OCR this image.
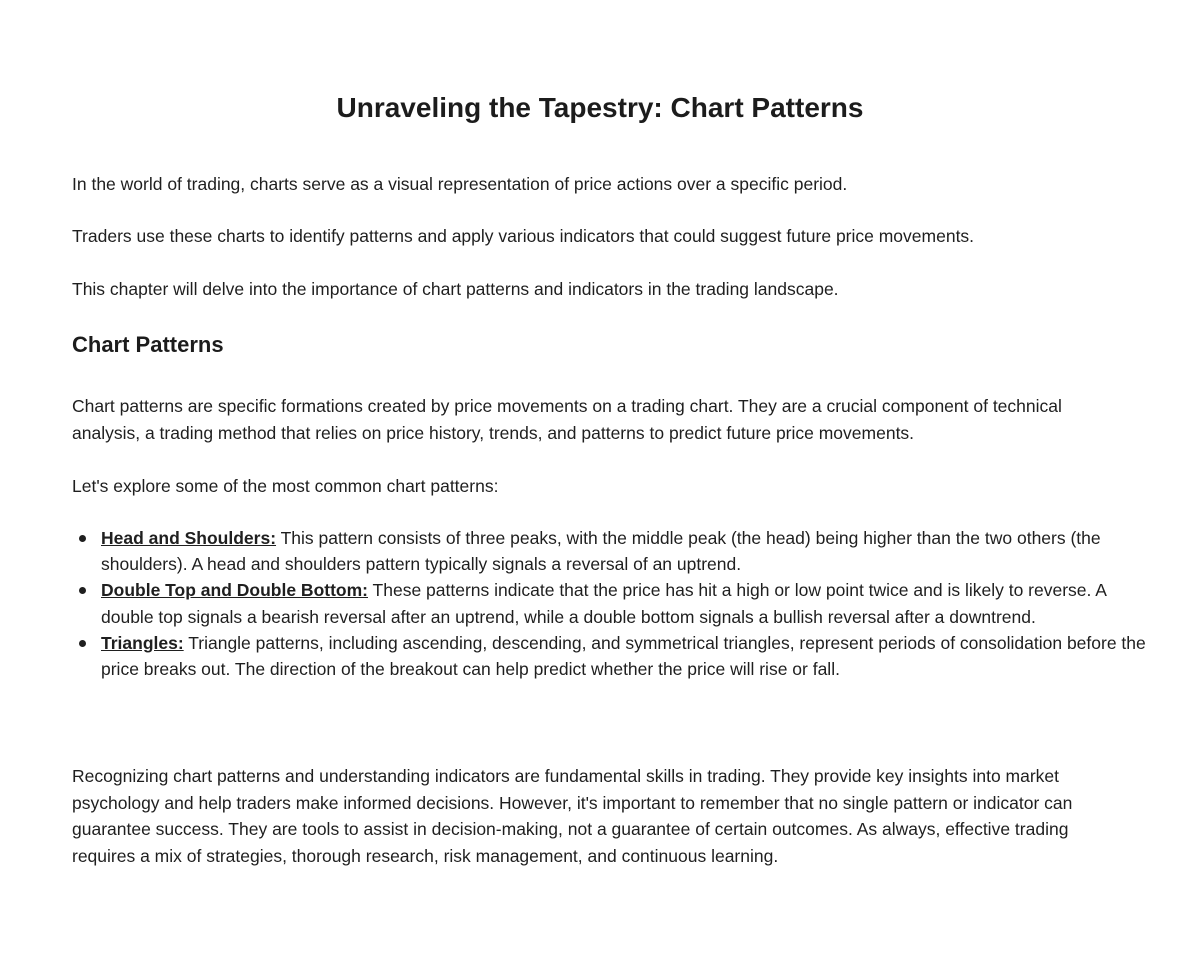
Unraveling the Tapestry: Chart Patterns

In the world of trading, charts serve as a visual representation of price actions over a specific period.

Traders use these charts to identify patterns and apply various indicators that could suggest future price movements.

This chapter will delve into the importance of chart patterns and indicators in the trading landscape.

Chart Patterns

Chart patterns are specific formations created by price movements on a trading chart. They are a crucial component of technical analysis, a trading method that relies on price history, trends, and patterns to predict future price movements.

Let's explore some of the most common chart patterns:

Head and Shoulders: This pattern consists of three peaks, with the middle peak (the head) being higher than the two others (the shoulders). A head and shoulders pattern typically signals a reversal of an uptrend.
Double Top and Double Bottom: These patterns indicate that the price has hit a high or low point twice and is likely to reverse. A double top signals a bearish reversal after an uptrend, while a double bottom signals a bullish reversal after a downtrend.
Triangles: Triangle patterns, including ascending, descending, and symmetrical triangles, represent periods of consolidation before the price breaks out. The direction of the breakout can help predict whether the price will rise or fall.

Recognizing chart patterns and understanding indicators are fundamental skills in trading. They provide key insights into market psychology and help traders make informed decisions. However, it's important to remember that no single pattern or indicator can guarantee success. They are tools to assist in decision-making, not a guarantee of certain outcomes. As always, effective trading requires a mix of strategies, thorough research, risk management, and continuous learning.
